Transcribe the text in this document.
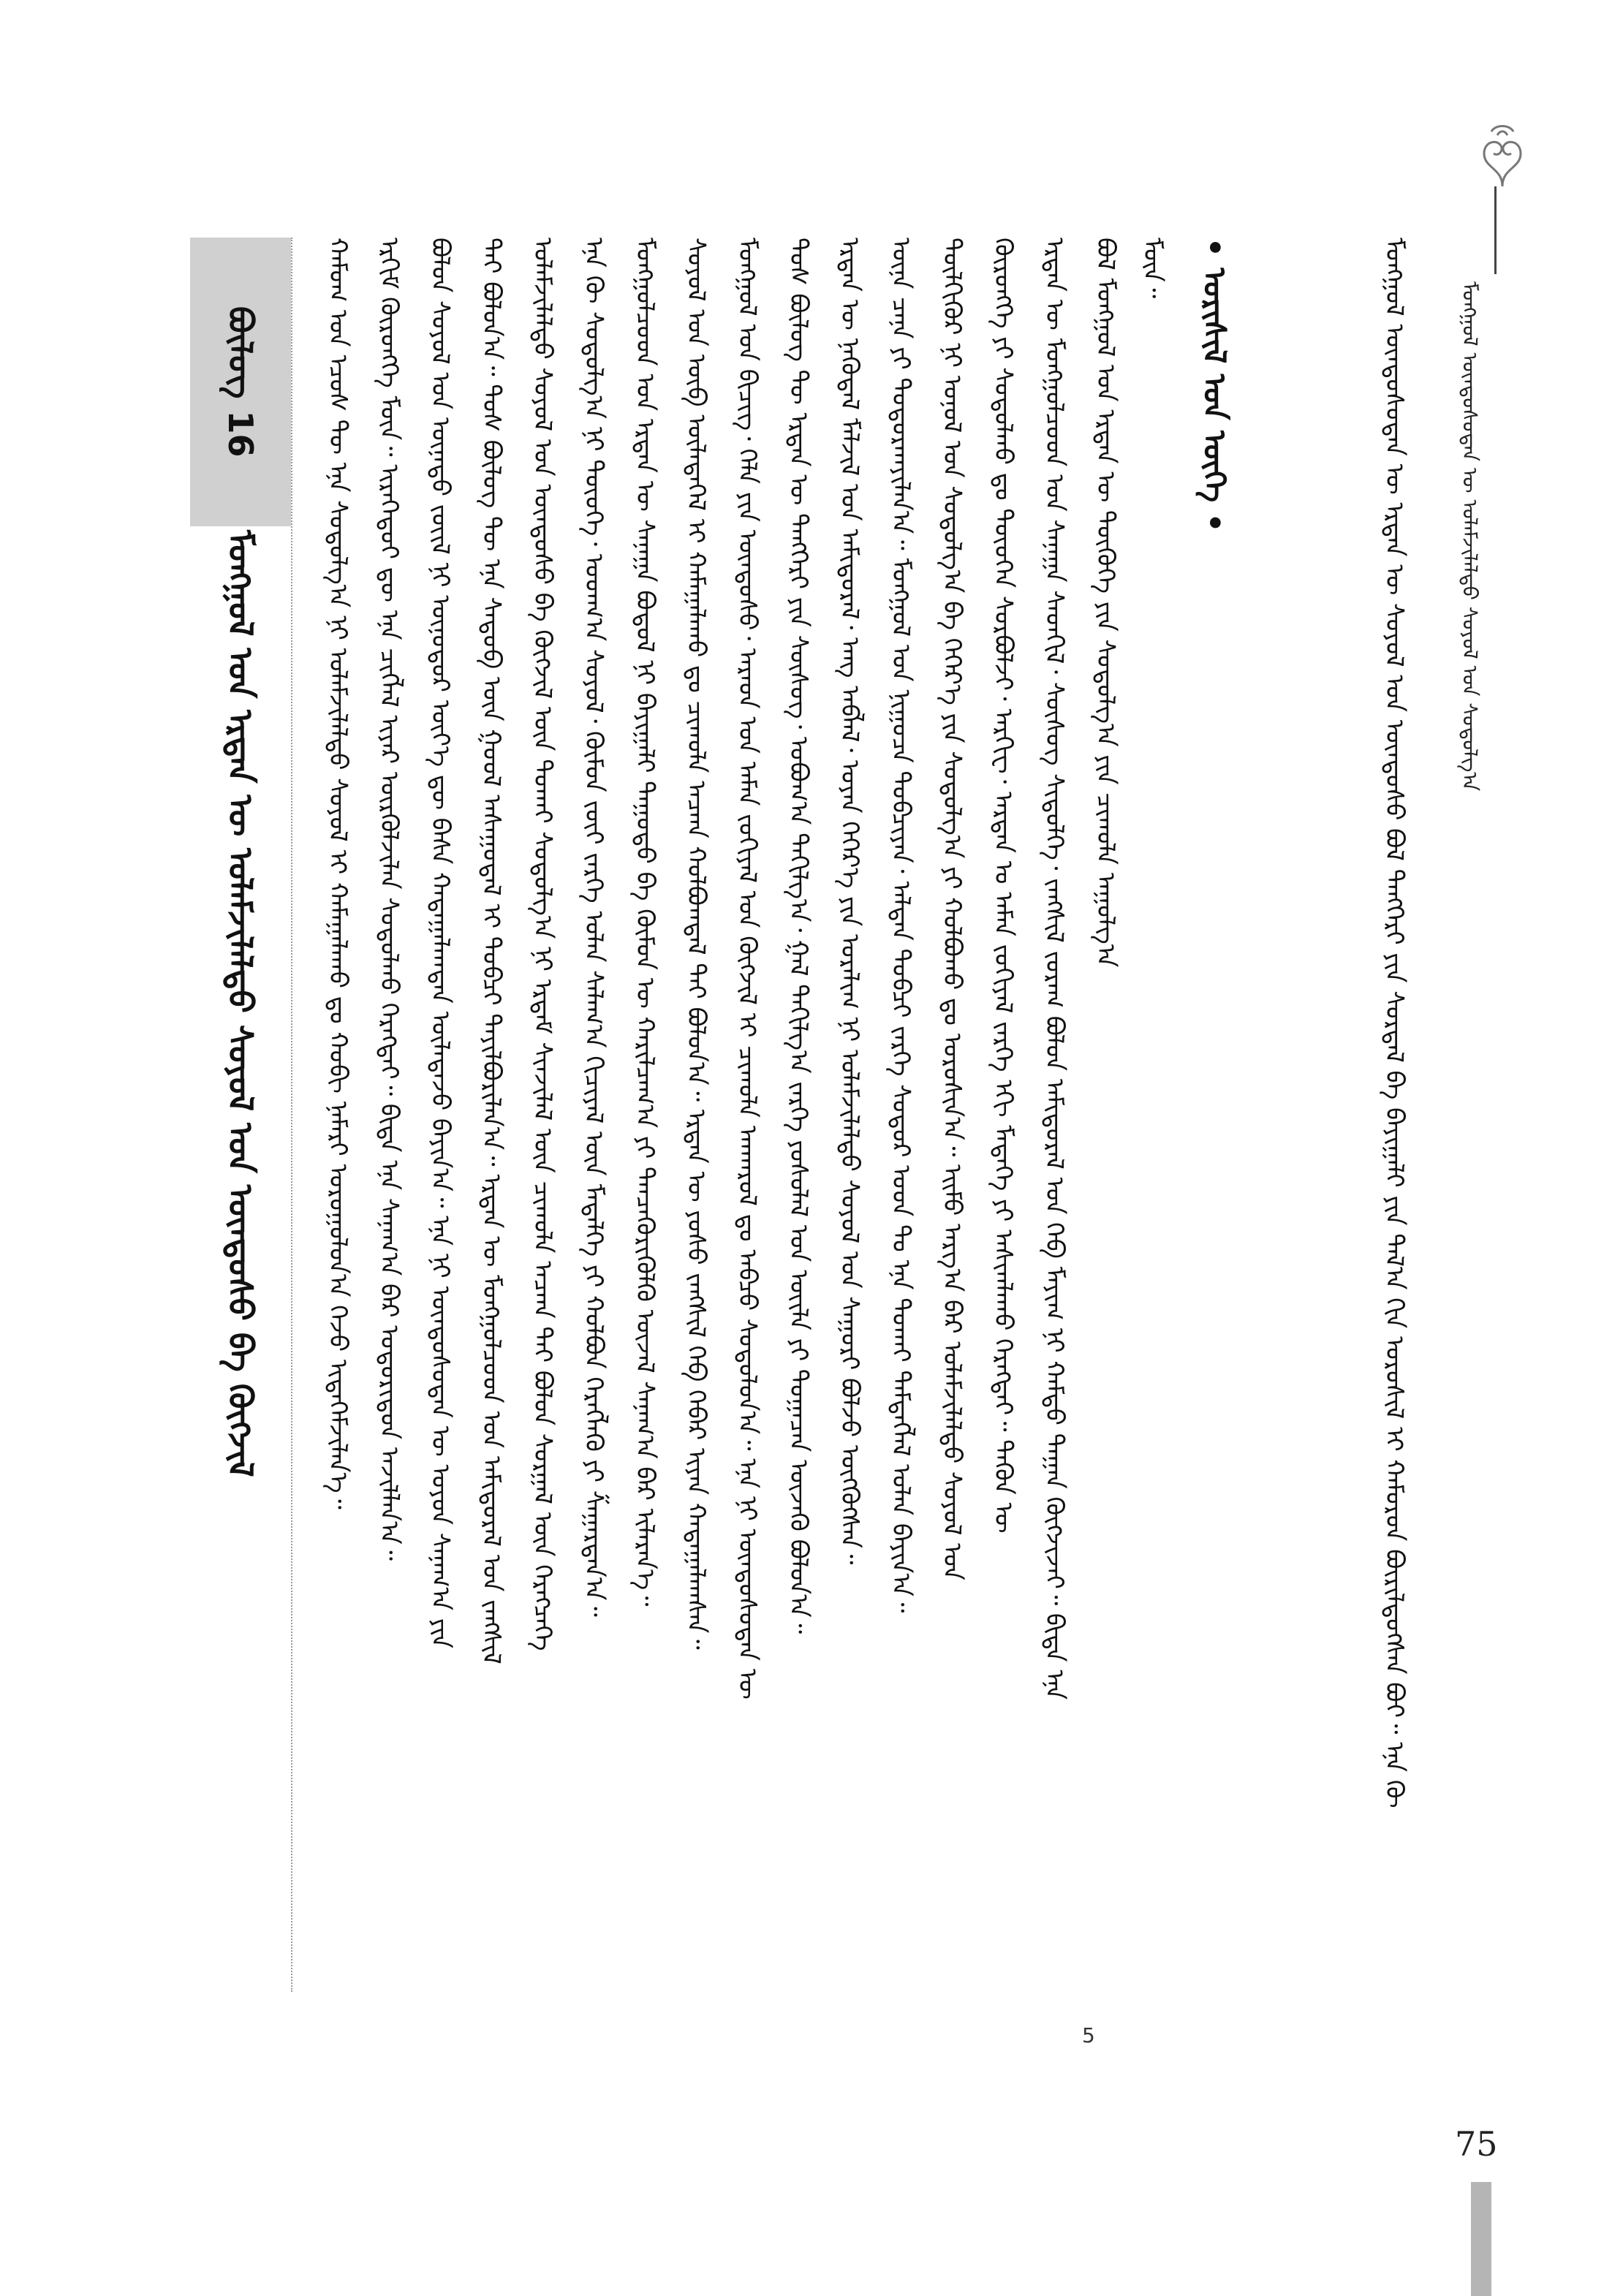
ᠮᠣᠩᠭᠣᠯ ᠦᠨᠳᠦᠰᠦᠲᠡᠨ ᠦ ᠤᠯᠠᠮᠵᠢᠯᠠᠯᠲᠤ ᠰᠤᠶᠤᠯ ᠤᠨ ᠰᠤᠳᠤᠯᠭ᠎ᠠ
ᠬᠠᠮᠤᠭ ᠤᠨ ᠡᠴᠦᠰ ᠲᠦ ᠡᠨᠡ ᠰᠤᠳᠤᠯᠭ᠎ᠠ ᠨᠢ ᠤᠯᠠᠮᠵᠢᠯᠠᠯᠲᠤ ᠰᠣᠶᠣᠯ ᠢ ᠬᠠᠮᠠᠭᠠᠯᠠᠬᠤ ᠳᠤ ᠬᠤᠪᠢ ᠨᠡᠮᠡᠷᠢ ᠣᠷᠣᠭᠤᠯᠤᠨ᠎ᠠ ᠭᠡᠵᠦ ᠢᠲᠡᠭᠡᠮᠵᠢᠯᠡᠨ᠎ᠡ᠃ ᠡᠷᠬᠢᠮ ᠬᠥᠷᠥᠩᠭᠡ ᠮᠥᠨ᠃ ᠢᠷᠡᠭᠡᠳᠦᠢ ᠳᠦ ᠡᠨᠡ ᠴᠢᠭᠯᠡᠯ ᠢᠶᠡᠷ ᠦᠷᠭᠦᠯᠵᠢᠯᠡᠨ ᠰᠤᠳᠤᠯᠬᠤ ᠬᠡᠷᠡᠭᠲᠡᠢ᠃ ᠪᠢᠳᠡ ᠡᠨᠡ ᠰᠠᠨᠠᠭ᠎ᠠ ᠪᠠᠷ ᠤᠳᠤᠷᠢᠳᠤᠨ ᠠᠵᠢᠯᠯᠠᠨ᠎ᠠ᠃ ᠪᠣᠯᠤᠨ ᠰᠣᠶᠣᠯ ᠤᠨ ᠦᠨᠡᠲᠦ ᠵᠦᠢᠯ ᠨᠢ ᠥᠨᠥᠳᠦᠷ ᠦᠶ᠎ᠡ ᠳᠦ ᠪᠠᠰᠠ ᠬᠠᠳᠠᠭᠠᠯᠠᠭᠳᠠᠨ ᠦᠯᠡᠳᠡᠵᠦ ᠪᠠᠶᠢᠨ᠎ᠠ᠃ ᠡᠨᠡ ᠨᠢ ᠦᠨᠳᠦᠰᠦᠲᠡᠨ ᠦ ᠣᠶᠤᠨ ᠰᠠᠨᠠᠭ᠎ᠠ ᠶᠢᠨ ᠲᠡᠢ ᠪᠣᠯᠤᠨ᠎ᠠ᠃ ᠲᠤᠰ ᠪᠦᠯᠦᠭ ᠲᠦ ᠡᠨᠡ ᠰᠡᠳᠦᠪ ᠦᠨ ᠭᠣᠣᠯ ᠠᠰᠠᠭᠤᠳᠠᠯ ᠢ ᠲᠣᠪᠴᠢ ᠲᠠᠶᠢᠯᠪᠤᠷᠢᠯᠠᠨ᠎ᠠ᠃ ᠡᠷᠲᠡᠨ ᠦ ᠮᠣᠩᠭᠣᠯᠴᠤᠳ ᠤᠨ ᠠᠮᠢᠳᠤᠷᠠᠯ ᠤᠨ ᠵᠠᠩᠱᠢᠯ ᠤᠯᠠᠮᠵᠢᠯᠠᠯᠲᠤ ᠰᠤᠶᠤᠯ ᠤᠨ ᠦᠨᠳᠦᠰᠦ ᠪᠠ ᠬᠥᠭᠵᠢᠯ ᠦᠨ ᠲᠣᠬᠠᠢ ᠰᠤᠳᠤᠯᠭ᠎ᠠ ᠨᠢ ᠡᠷᠳᠡᠮ ᠰᠢᠨᠵᠢᠯᠡᠯ ᠦᠨ ᠴᠢᠬᠤᠯᠠ ᠠᠴᠬᠠ ᠲᠠᠢ ᠪᠣᠯᠤᠨ ᠰᠤᠷᠭᠠᠯ ᠦᠨ ᠬᠡᠷᠡᠭᠴᠡᠭᠡ ᠡᠨᠡ ᠬᠦ ᠰᠤᠳᠤᠯᠭ᠎ᠠ ᠨᠢ ᠲᠦᠦᠬᠡ᠂ ᠤᠳᠬ᠎ᠠ ᠰᠣᠶᠣᠯ᠂ ᠬᠦᠮᠦᠨ ᠵᠦᠢ ᠵᠡᠷᠭᠡ ᠣᠯᠠᠨ ᠰᠠᠯᠠᠭ᠎ᠠ ᠬᠢᠴᠢᠶᠡᠯ ᠦᠨ ᠮᠡᠳᠡᠯᠭᠡ ᠶᠢ ᠬᠣᠯᠪᠣᠨ ᠬᠡᠷᠡᠭᠯᠡᠬᠦ ᠶᠢ ᠱᠠᠭᠠᠷᠳᠠᠨ᠎ᠠ᠃ ᠮᠣᠩᠭᠣᠯᠴᠤᠳ ᠤᠨ ᠡᠷᠲᠡᠨ ᠦ ᠰᠠᠨᠠᠭᠠ ᠪᠣᠳᠣᠯ ᠨᠢ ᠪᠠᠶᠢᠭᠠᠯᠢ ᠳᠠᠭᠤᠳᠤ ᠪᠠ ᠬᠦᠮᠦᠨ ᠦ ᠬᠠᠷᠢᠯᠴᠠᠭ᠎ᠠ ᠶᠢ ᠲᠡᠨᠴᠡᠭᠦᠷᠢᠭᠦᠯᠬᠦ ᠦᠵᠡᠯ ᠰᠠᠨᠠᠭ᠎ᠠ ᠪᠠᠷ ᠢᠯᠡᠷᠡᠨ᠎ᠡ᠃ ᠰᠣᠶᠣᠯ ᠤᠨ ᠦᠪ ᠦᠯᠡᠳᠡᠭᠡᠯ ᠢ ᠬᠠᠮᠠᠭᠠᠯᠠᠬᠤ ᠳᠤ ᠴᠢᠬᠤᠯᠠ ᠠᠴᠬᠠ ᠬᠣᠯᠪᠣᠭᠳᠠᠯ ᠲᠠᠶ ᠪᠣᠯᠤᠨ᠎ᠠ᠃ ᠡᠷᠲᠡᠨ ᠦ ᠶᠣᠰᠣ ᠵᠠᠩᠱᠢᠯ ᠬᠡᠪ ᠬᠡᠪᠡᠷ ᠢᠶᠡᠨ ᠬᠠᠳᠠᠭᠠᠯᠠᠭᠰᠠᠨ᠃ ᠮᠣᠩᠭᠣᠯ ᠤᠨ ᠪᠢᠴᠢᠭ᠂ ᠬᠡᠯᠡ ᠶᠢᠨ ᠦᠨᠳᠦᠰᠦ᠂ ᠠᠷᠠᠳ ᠤᠨ ᠠᠮᠠᠨ ᠵᠣᠬᠢᠶᠠᠯ ᠤᠨ ᠬᠥᠭᠵᠢᠯ ᠢ ᠴᠢᠬᠤᠯᠠ ᠠᠨᠬᠠᠷᠤᠯ ᠳᠤ ᠠᠪᠴᠤ ᠰᠤᠳᠤᠯᠤᠨ᠎ᠠ᠃ ᠡᠨᠡ ᠨᠢ ᠦᠨᠳᠦᠰᠦᠲᠡᠨ ᠦ ᠲᠤᠰ ᠪᠦᠯᠦᠭ ᠲᠦ ᠡᠷᠲᠡᠨ ᠦ ᠲᠡᠩᠭᠡᠷᠢ ᠶᠢᠨ ᠰᠦᠰᠦᠭ᠂ ᠣᠪᠣᠭ᠎ᠠ ᠲᠠᠬᠢᠯᠭ᠎ᠠ᠂ ᠭᠠᠯ ᠲᠠᠬᠢᠯᠭ᠎ᠠ ᠵᠡᠷᠭᠡ ᠶᠣᠰᠣᠯᠠᠯ ᠤᠨ ᠦᠢᠯᠡ ᠶᠢ ᠲᠣᠭᠠᠴᠠᠨ ᠦᠵᠡᠬᠦ ᠪᠣᠯᠤᠨ᠎ᠠ᠃ ᠡᠷᠲᠡᠨ ᠦ ᠨᠡᠭᠦᠳᠡᠯ ᠮᠠᠯᠵᠢᠯ ᠤᠨ ᠠᠮᠢᠳᠤᠷᠠᠯ᠂ ᠠᠩ ᠠᠪᠯᠠᠯ᠂ ᠤᠶᠠᠨ ᠬᠡᠭᠡᠷ᠎ᠡ ᠶᠢᠨ ᠤᠷᠠᠯᠢᠭ ᠨᠢ ᠤᠯᠠᠮᠵᠢᠯᠠᠯᠲᠤ ᠰᠤᠶᠤᠯ ᠤᠨ ᠰᠠᠭᠤᠷᠢ ᠪᠣᠯᠵᠤ ᠦᠭᠭᠦᠭᠰᠡᠨ᠃ ᠦᠨᠡ ᠴᠡᠨᠡ ᠶᠢ ᠲᠣᠳᠣᠷᠬᠠᠶᠢᠯᠠᠨ᠎ᠠ᠃ ᠮᠣᠩᠭᠣᠯ ᠤᠨ ᠨᠢᠭᠤᠴᠠ ᠲᠣᠪᠴᠢᠶᠠᠨ᠂ ᠠᠯᠲᠠᠨ ᠲᠣᠪᠴᠢ ᠵᠡᠷᠭᠡ ᠰᠤᠳᠤᠷ ᠤᠳ ᠲᠤ ᠡᠨᠡ ᠲᠤᠬᠠᠢ ᠲᠡᠮᠳᠡᠭᠯᠡᠯ ᠣᠯᠠᠨ ᠪᠠᠶᠢᠨ᠎ᠠ᠃ ᠲᠦᠯᠬᠢᠭᠦᠷ ᠨᠢ ᠣᠨᠣᠯ ᠤᠨ ᠰᠤᠳᠤᠯᠭ᠎ᠠ ᠪᠠ ᠬᠡᠭᠡᠷ᠎ᠡ ᠶᠢᠨ ᠰᠤᠳᠤᠯᠭ᠎ᠠ ᠶᠢ ᠬᠣᠯᠪᠤᠬᠤ ᠳᠤ ᠣᠷᠣᠰᠢᠨ᠎ᠠ᠃ ᠡᠢᠮᠦ ᠠᠷᠭ᠎ᠠ ᠪᠠᠷ ᠤᠯᠠᠮᠵᠢᠯᠠᠯᠲᠤ ᠰᠤᠶᠤᠯ ᠤᠨ ᠬᠥᠷᠦᠩᠭᠡ ᠶᠢ ᠰᠤᠳᠤᠯᠬᠤ ᠳᠤ ᠲᠦᠦᠬᠡᠨ ᠰᠤᠷᠪᠤᠯᠵᠢ᠂ ᠠᠷᠬᠢᠸ᠂ ᠠᠷᠳᠠᠨ ᠤ ᠠᠮᠠᠨ ᠵᠣᠬᠢᠶᠠᠯ ᠵᠡᠷᠭᠡ ᠡᠬᠢ ᠮᠡᠳᠡᠭᠡ ᠶᠢ ᠠᠰᠢᠭᠯᠠᠬᠤ ᠬᠡᠷᠡᠭᠲᠡᠢ᠃ ᠲᠡᠭᠦᠨ ᠦ ᠡᠷᠲᠡᠨ ᠦ ᠮᠣᠩᠭᠣᠯᠴᠤᠳ ᠤᠨ ᠰᠠᠨᠠᠭᠠ ᠰᠡᠳᠬᠢᠯ᠂ ᠰᠦᠰᠦᠭ ᠰᠢᠲᠦᠯᠭᠡ᠂ ᠵᠠᠩᠱᠢᠯ ᠵᠣᠷᠠᠭ ᠪᠣᠯᠤᠨ ᠠᠮᠢᠳᠤᠷᠠᠯ ᠤᠨ ᠬᠡᠪ ᠮᠠᠶᠢᠭ ᠨᠢ ᠬᠠᠮᠲᠤ ᠳᠠᠭᠠᠨ ᠬᠥᠭᠵᠢᠵᠡᠢ᠃ ᠪᠢᠳᠡ ᠡᠨᠡ ᠪᠣᠯ ᠮᠣᠩᠭᠣᠯ ᠤᠨ ᠡᠷᠲᠡᠨ ᠦ ᠲᠦᠭᠦᠬᠡ ᠶᠢᠨ ᠰᠤᠳᠤᠯᠭ᠎ᠠ ᠶᠢᠨ ᠴᠢᠬᠤᠯᠠ ᠠᠭᠤᠯᠭ᠎ᠠ ᠮᠥᠨ᠃	ᠮᠣᠩᠭᠣᠯ ᠦᠨᠳᠦᠰᠦᠲᠡᠨ ᠦ ᠡᠷᠲᠡᠨ ᠦ ᠰᠤᠶᠤᠯ ᠤᠨ ᠦᠨᠳᠦᠰᠦ ᠪᠣᠯ ᠲᠡᠩᠭᠡᠷᠢ ᠶᠢᠨ ᠰᠤᠷᠲᠠᠯ ᠪᠠ ᠪᠠᠶᠢᠭᠠᠯᠢ ᠶᠢᠨ ᠲᠠᠯ᠎ᠠ ᠬᠢᠨ ᠤᠷᠤᠰᠢᠯ ᠢ ᠬᠠᠮᠤᠷᠤᠨ ᠪᠦᠷᠢᠯᠳᠦᠭᠰᠡᠨ ᠪᠤᠢ᠃ ᠡᠨᠡ ᠬᠦ
5
• ᠣᠷᠢᠰᠢᠯ ᠤᠨ ᠦᠭᠡ •
ᠪᠦᠯᠦᠭ 16
ᠮᠣᠩᠭᠣᠯ ᠤᠨ ᠡᠷᠲᠡᠨ ᠦ ᠤᠯᠠᠮᠵᠢᠯᠠᠯᠲᠤ ᠰᠤᠶᠤᠯ ᠤᠨ ᠦᠨᠳᠦᠰᠦ ᠪᠠ ᠬᠥᠭᠵᠢᠯ
75
